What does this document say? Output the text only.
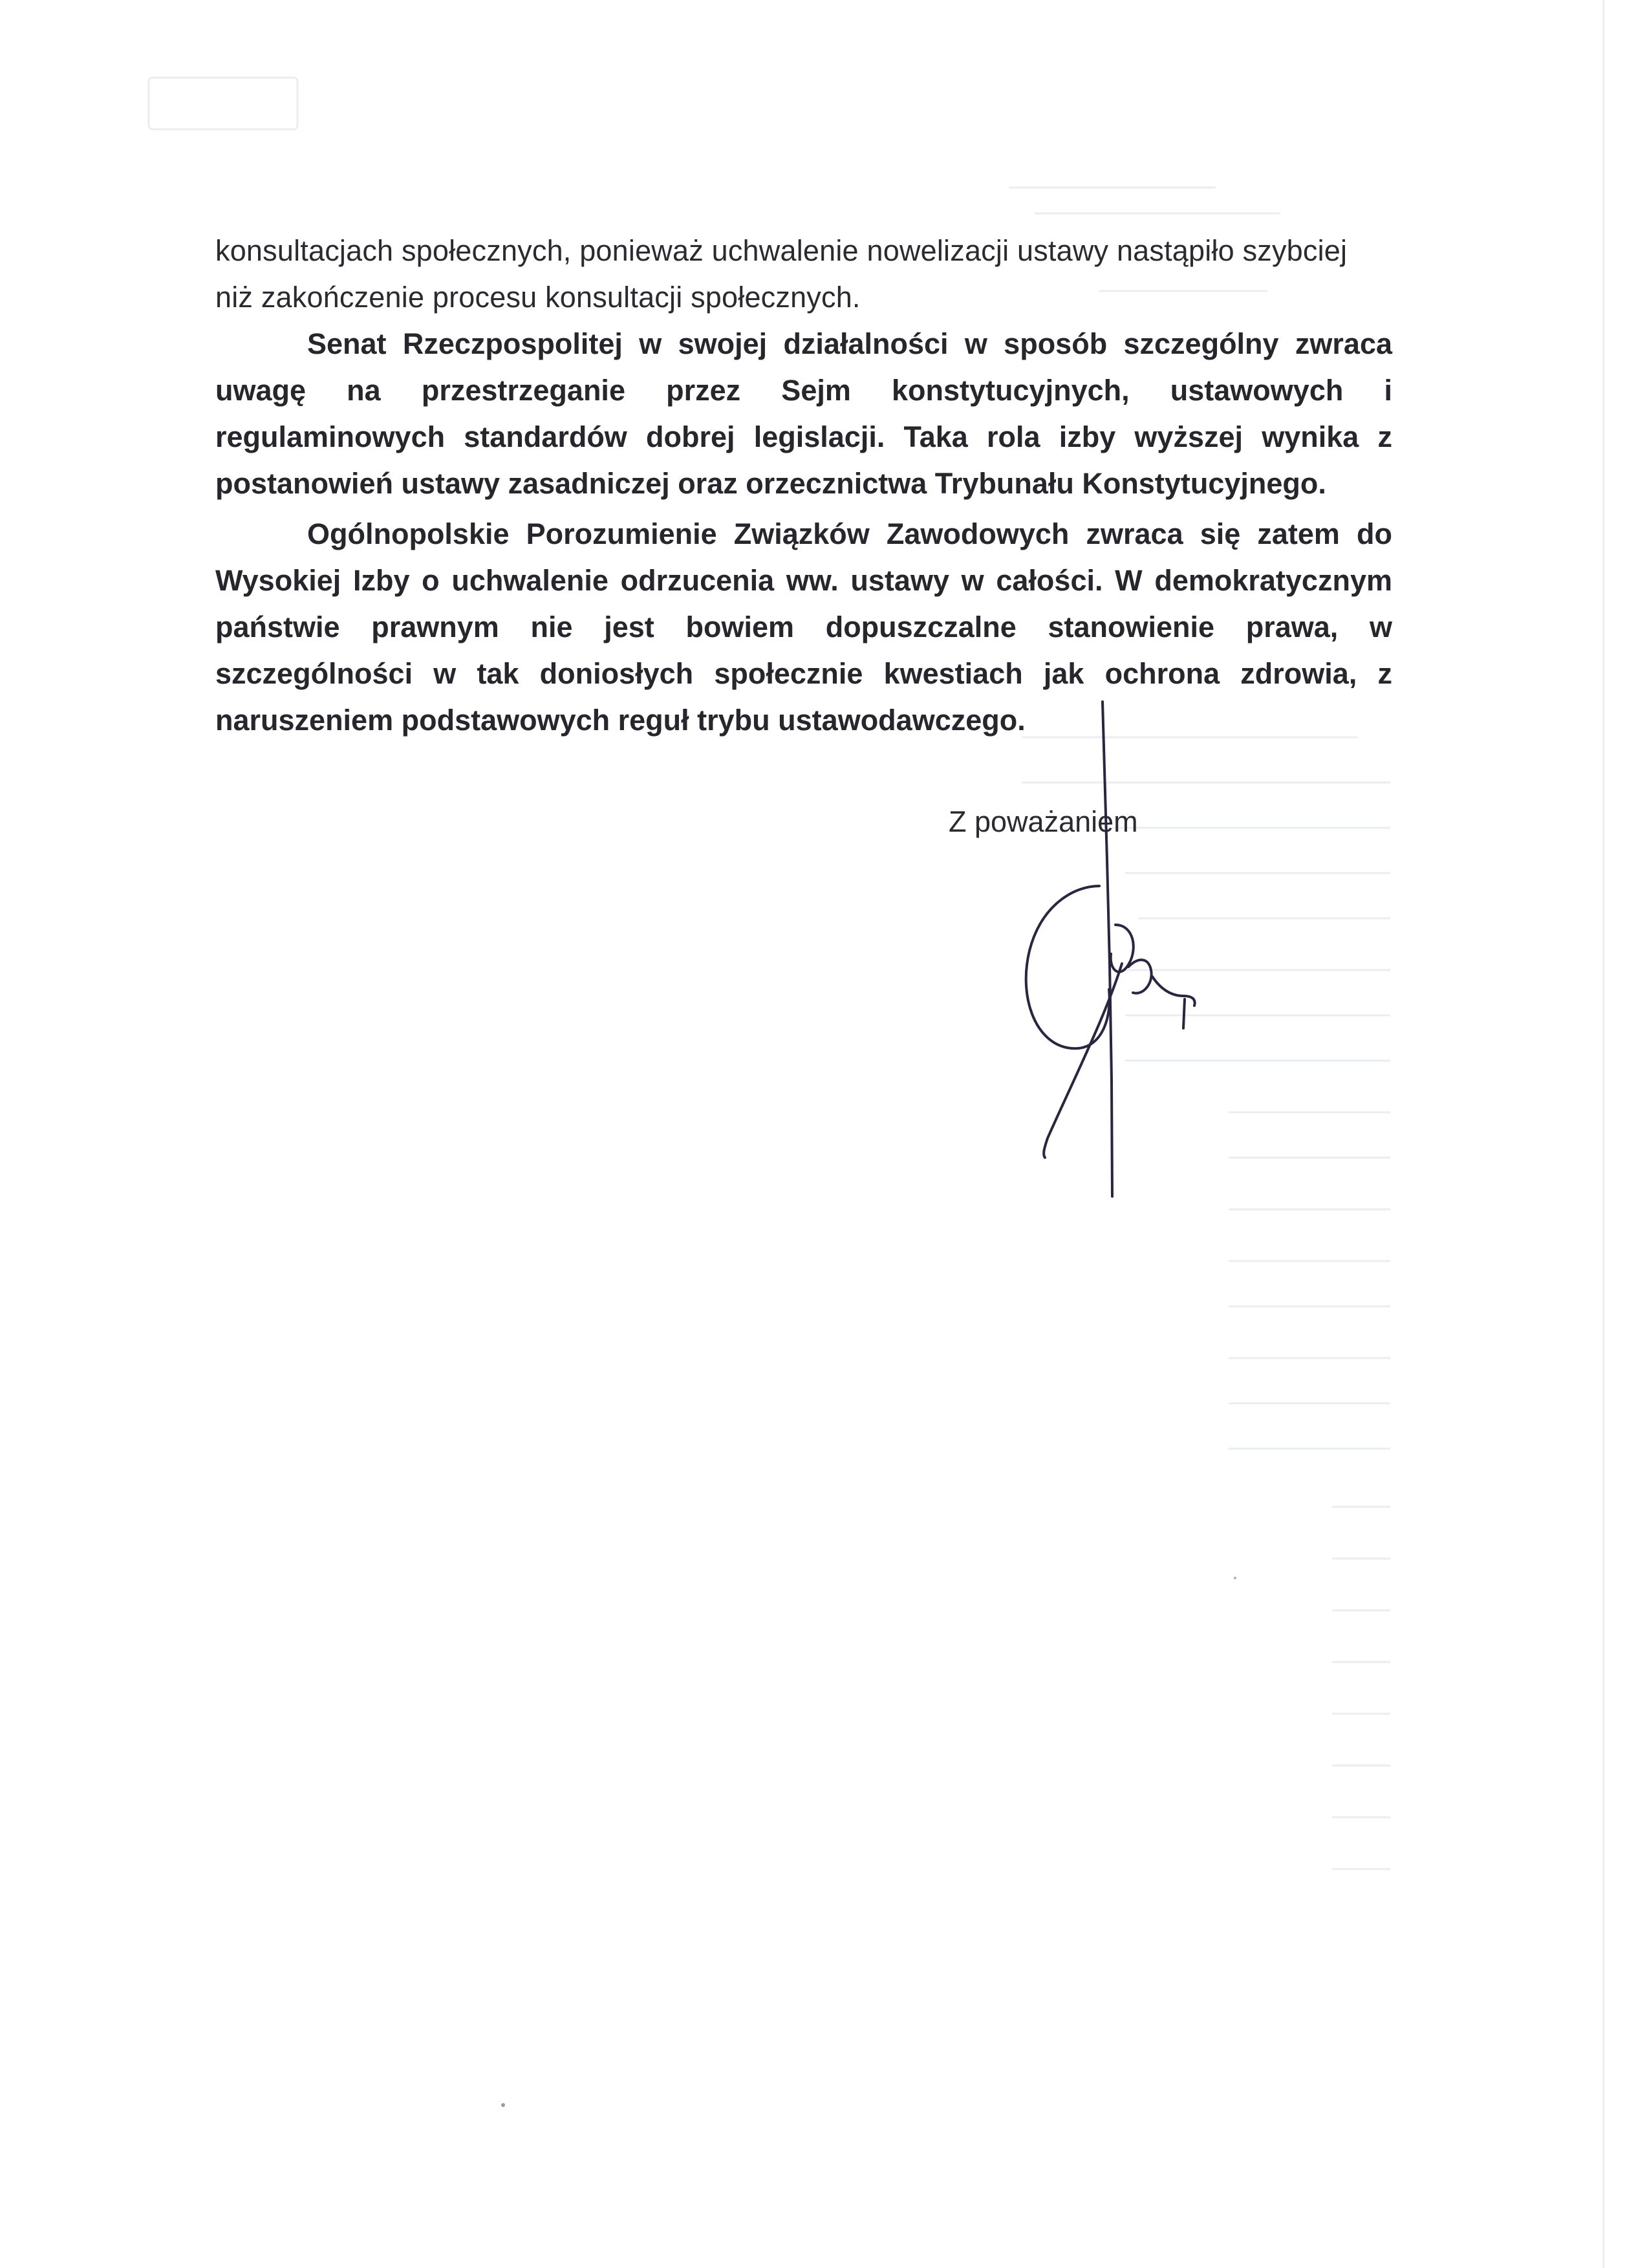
konsultacjach społecznych, ponieważ uchwalenie nowelizacji ustawy nastąpiło szybciej niż zakończenie procesu konsultacji społecznych.

Senat Rzeczpospolitej w swojej działalności w sposób szczególny zwraca uwagę na przestrzeganie przez Sejm konstytucyjnych, ustawowych i regulaminowych standardów dobrej legislacji. Taka rola izby wyższej wynika z postanowień ustawy zasadniczej oraz orzecznictwa Trybunału Konstytucyjnego.

Ogólnopolskie Porozumienie Związków Zawodowych zwraca się zatem do Wysokiej Izby o uchwalenie odrzucenia ww. ustawy w całości. W demokratycznym państwie prawnym nie jest bowiem dopuszczalne stanowienie prawa, w szczególności w tak doniosłych społecznie kwestiach jak ochrona zdrowia, z naruszeniem podstawowych reguł trybu ustawodawczego.

Z poważaniem
